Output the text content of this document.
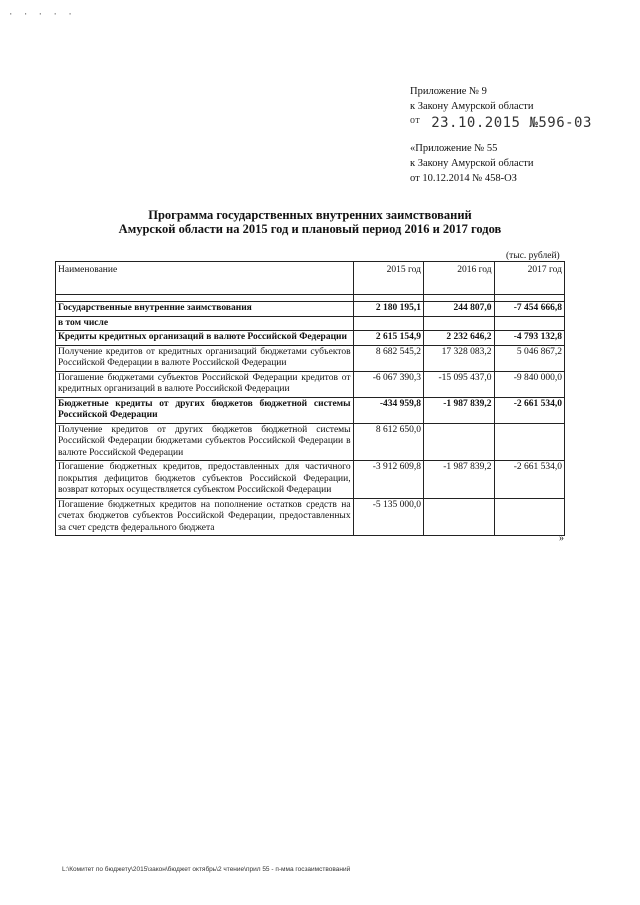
· · · · ·
Приложение № 9
к Закону Амурской области
$^{от}$ 23.10.2015 №596-03
«Приложение № 55
к Закону Амурской области
от 10.12.2014 № 458-ОЗ
Программа государственных внутренних заимствований
Амурской области на 2015 год и плановый период 2016 и 2017 годов
(тыс. рублей)
Наименование	2015 год	2016 год	2017 год

Государственные внутренние заимствования	2 180 195,1	244 807,0	-7 454 666,8
в том числе			
Кредиты кредитных организаций в валюте Российской Федерации	2 615 154,9	2 232 646,2	-4 793 132,8
Получение кредитов от кредитных организаций бюджетами субъектов Российской Федерации в валюте Российской Федерации	8 682 545,2	17 328 083,2	5 046 867,2
Погашение бюджетами субъектов Российской Федерации кредитов от кредитных организаций в валюте Российской Федерации	-6 067 390,3	-15 095 437,0	-9 840 000,0
Бюджетные кредиты от других бюджетов бюджетной системы Российской Федерации	-434 959,8	-1 987 839,2	-2 661 534,0
Получение кредитов от других бюджетов бюджетной системы Российской Федерации бюджетами субъектов Российской Федерации в валюте Российской Федерации	8 612 650,0		
Погашение бюджетных кредитов, предоставленных для частичного покрытия дефицитов бюджетов субъектов Российской Федерации, возврат которых осуществляется субъектом Российской Федерации	-3 912 609,8	-1 987 839,2	-2 661 534,0
Погашение бюджетных кредитов на пополнение остатков средств на счетах бюджетов субъектов Российской Федерации, предоставленных за счет средств федерального бюджета	-5 135 000,0		
»
L:\Комитет по бюджету\2015\закон\бюджет октябрь\2 чтение\прил 55 - п-мма госзаимствований
